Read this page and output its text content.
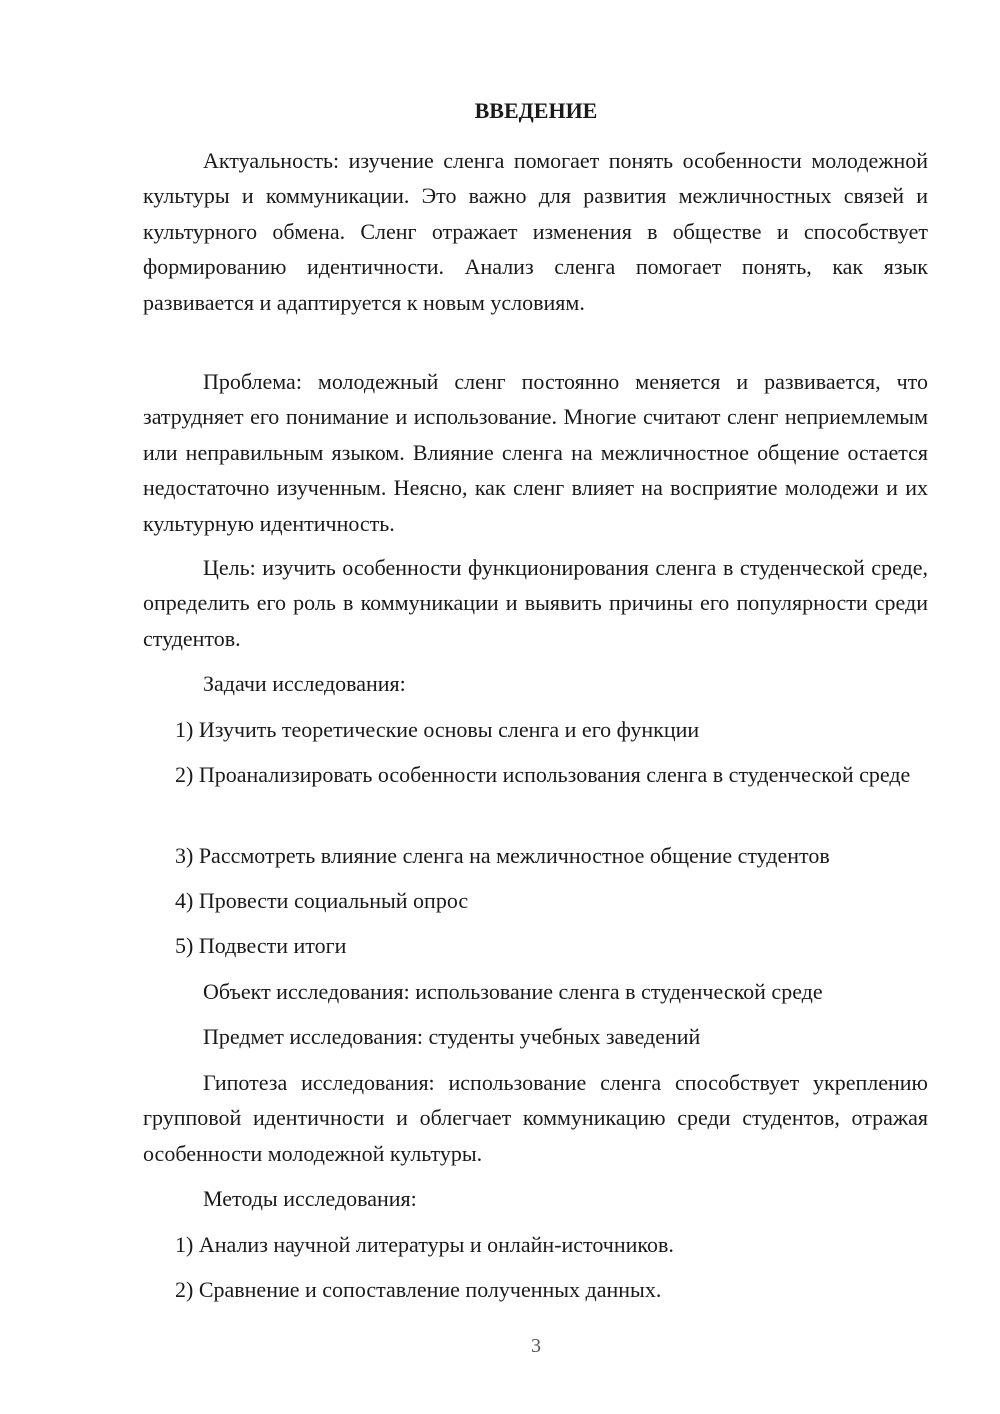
ВВЕДЕНИЕ

Актуальность: изучение сленга помогает понять особенности молодежной культуры и коммуникации. Это важно для развития межличностных связей и культурного обмена. Сленг отражает изменения в обществе и способствует формированию идентичности. Анализ сленга помогает понять, как язык развивается и адаптируется к новым условиям.

Проблема: молодежный сленг постоянно меняется и развивается, что затрудняет его понимание и использование. Многие считают сленг неприемлемым или неправильным языком. Влияние сленга на межличностное общение остается недостаточно изученным. Неясно, как сленг влияет на восприятие молодежи и их культурную идентичность.

Цель: изучить особенности функционирования сленга в студенческой среде, определить его роль в коммуникации и выявить причины его популярности среди студентов.

Задачи исследования:

1) Изучить теоретические основы сленга и его функции

2) Проанализировать особенности использования сленга в студенческой среде

3) Рассмотреть влияние сленга на межличностное общение студентов

4) Провести социальный опрос

5) Подвести итоги

Объект исследования: использование сленга в студенческой среде

Предмет исследования: студенты учебных заведений

Гипотеза исследования: использование сленга способствует укреплению групповой идентичности и облегчает коммуникацию среди студентов, отражая особенности молодежной культуры.

Методы исследования:

1) Анализ научной литературы и онлайн-источников.

2) Сравнение и сопоставление полученных данных.

3
